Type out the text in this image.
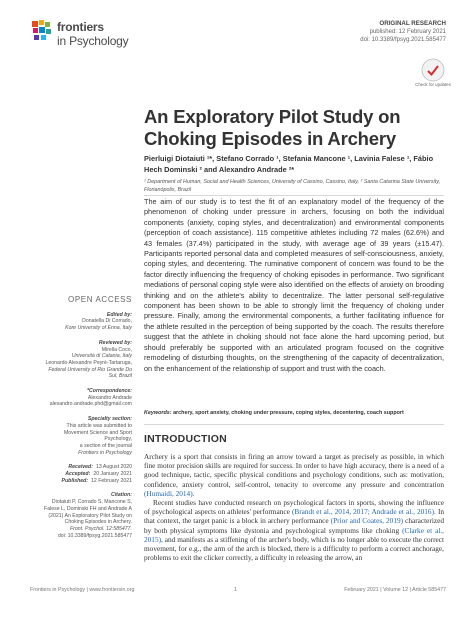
frontiers
in Psychology
ORIGINAL RESEARCH
published: 12 February 2021
doi: 10.3389/fpsyg.2021.585477
Check for updates
An Exploratory Pilot Study on Choking Episodes in Archery
Pierluigi Diotaiuti ¹*, Stefano Corrado ¹, Stefania Mancone ¹, Lavinia Falese ¹, Fábio Hech Dominski ² and Alexandro Andrade ²*
¹ Department of Human, Social and Health Sciences, University of Cassino, Cassino, Italy, ² Santa Catarina State University, Florianópolis, Brazil

The aim of our study is to test the fit of an explanatory model of the frequency of the phenomenon of choking under pressure in archers, focusing on both the individual components (anxiety, coping styles, and decentralization) and environmental components (perception of coach assistance). 115 competitive athletes including 72 males (62.6%) and 43 females (37.4%) participated in the study, with average age of 39 years (±15.47). Participants reported personal data and completed measures of self-consciousness, anxiety, coping styles, and decentering. The ruminative component of concern was found to be the factor directly influencing the frequency of choking episodes in performance. Two significant mediations of personal coping style were also identified on the effects of anxiety on brooding thinking and on the athlete's ability to decentralize. The latter personal self-regulative component has been shown to be able to strongly limit the frequency of choking under pressure. Finally, among the environmental components, a further facilitating influence for the athlete resulted in the perception of being supported by the coach. The results therefore suggest that the athlete in choking should not face alone the hard upcoming period, but should preferably be supported with an articulated program focused on the cognitive remodeling of disturbing thoughts, on the strengthening of the capacity of decentralization, on the enhancement of the relationship of support and trust with the coach.

Keywords: archery, sport anxiety, choking under pressure, coping styles, decentering, coach support
OPEN ACCESS
Edited by:
Donatella Di Corrado,
Kore University of Enna, Italy
Reviewed by:
Mirella Coco,
Università di Catania, Italy
Leonardo Alexandre Peyré-Tartaruga,
Federal University of Rio Grande Do
Sul, Brazil
*Correspondence:
Alexandro Andrade
alexandro.andrade.phd@gmail.com
Specialty section:
This article was submitted to
Movement Science and Sport
Psychology,
a section of the journal
Frontiers in Psychology
Received: 13 August 2020
Accepted: 20 January 2021
Published: 12 February 2021
Citation:
Diotaiuti P, Corrado S, Mancone S,
Falese L, Dominski FH and Andrade A
(2021) An Exploratory Pilot Study on
Choking Episodes in Archery.
Front. Psychol. 12:585477.
doi: 10.3389/fpsyg.2021.585477
INTRODUCTION

Archery is a sport that consists in firing an arrow toward a target as precisely as possible, in which fine motor precision skills are required for success. In order to have high accuracy, there is a need of a good technique, tactic, specific physical conditions and psychology conditions, such as: motivation, confidence, anxiety control, self-control, tenacity to overcome any pressure and concentration (Humaidi, 2014).

Recent studies have conducted research on psychological factors in sports, showing the influence of psychological aspects on athletes' performance (Brandt et al., 2014, 2017; Andrade et al., 2016). In that context, the target panic is a block in archery performance (Prior and Coates, 2019) characterized by both physical symptoms like dystonia and psychological symptoms like choking (Clarke et al., 2015), and manifests as a stiffening of the archer's body, which is no longer able to execute the correct movement, for e.g., the arm of the arch is blocked, there is a difficulty to perform a correct anchorage, problems to exit the clicker correctly, a difficulty in releasing the arrow, an

Frontiers in Psychology | www.frontiersin.org	1	February 2021 | Volume 12 | Article 585477
